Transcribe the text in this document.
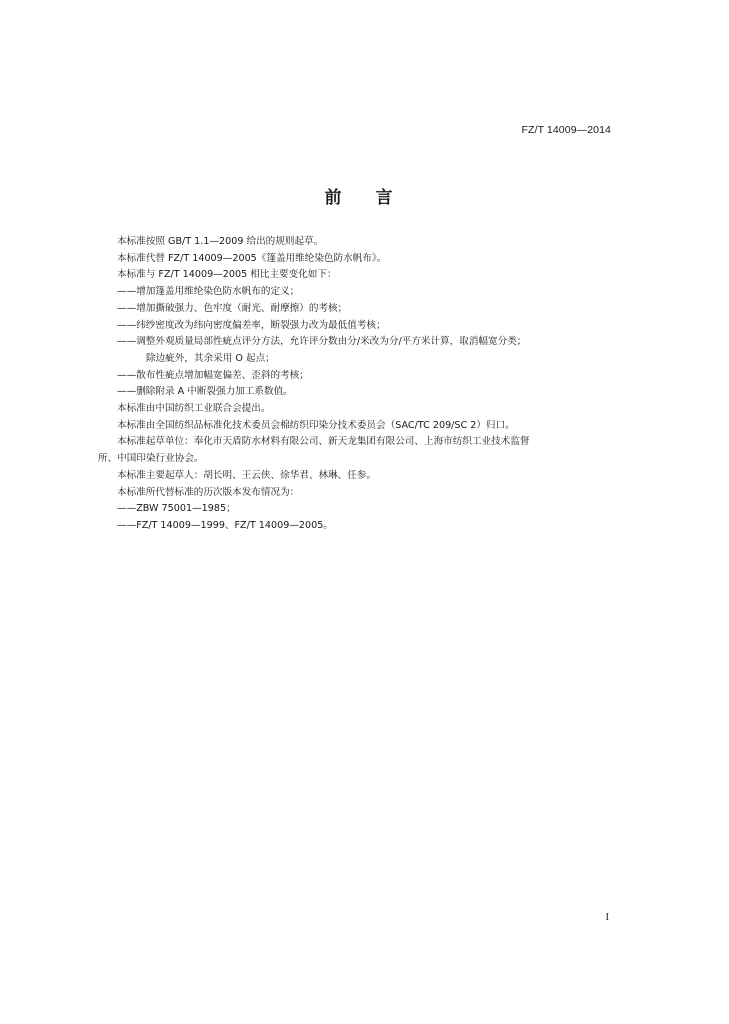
FZ/T 14009—2014
前言

本标准按照 GB/T 1.1—2009 给出的规则起草。

本标准代替 FZ/T 14009—2005《篷盖用维纶染色防水帆布》。

本标准与 FZ/T 14009—2005 相比主要变化如下：

——增加篷盖用维纶染色防水帆布的定义；

——增加撕破强力、色牢度（耐光、耐摩擦）的考核；

——纬纱密度改为纬向密度偏差率，断裂强力改为最低值考核；

——调整外观质量局部性疵点评分方法，允许评分数由分/米改为分/平方米计算，取消幅宽分类；

除边疵外，其余采用 O 起点；

——散布性疵点增加幅宽偏差、歪斜的考核；

——删除附录 A 中断裂强力加工系数值。

本标准由中国纺织工业联合会提出。

本标准由全国纺织品标准化技术委员会棉纺织印染分技术委员会（SAC/TC 209/SC 2）归口。

本标准起草单位：奉化市天盾防水材料有限公司、新天龙集团有限公司、上海市纺织工业技术监督

所、中国印染行业协会。

本标准主要起草人：胡长明、王云侠、徐华君、林琳、任参。

本标准所代替标准的历次版本发布情况为：

——ZBW 75001—1985；

——FZ/T 14009—1999、FZ/T 14009—2005。

I
